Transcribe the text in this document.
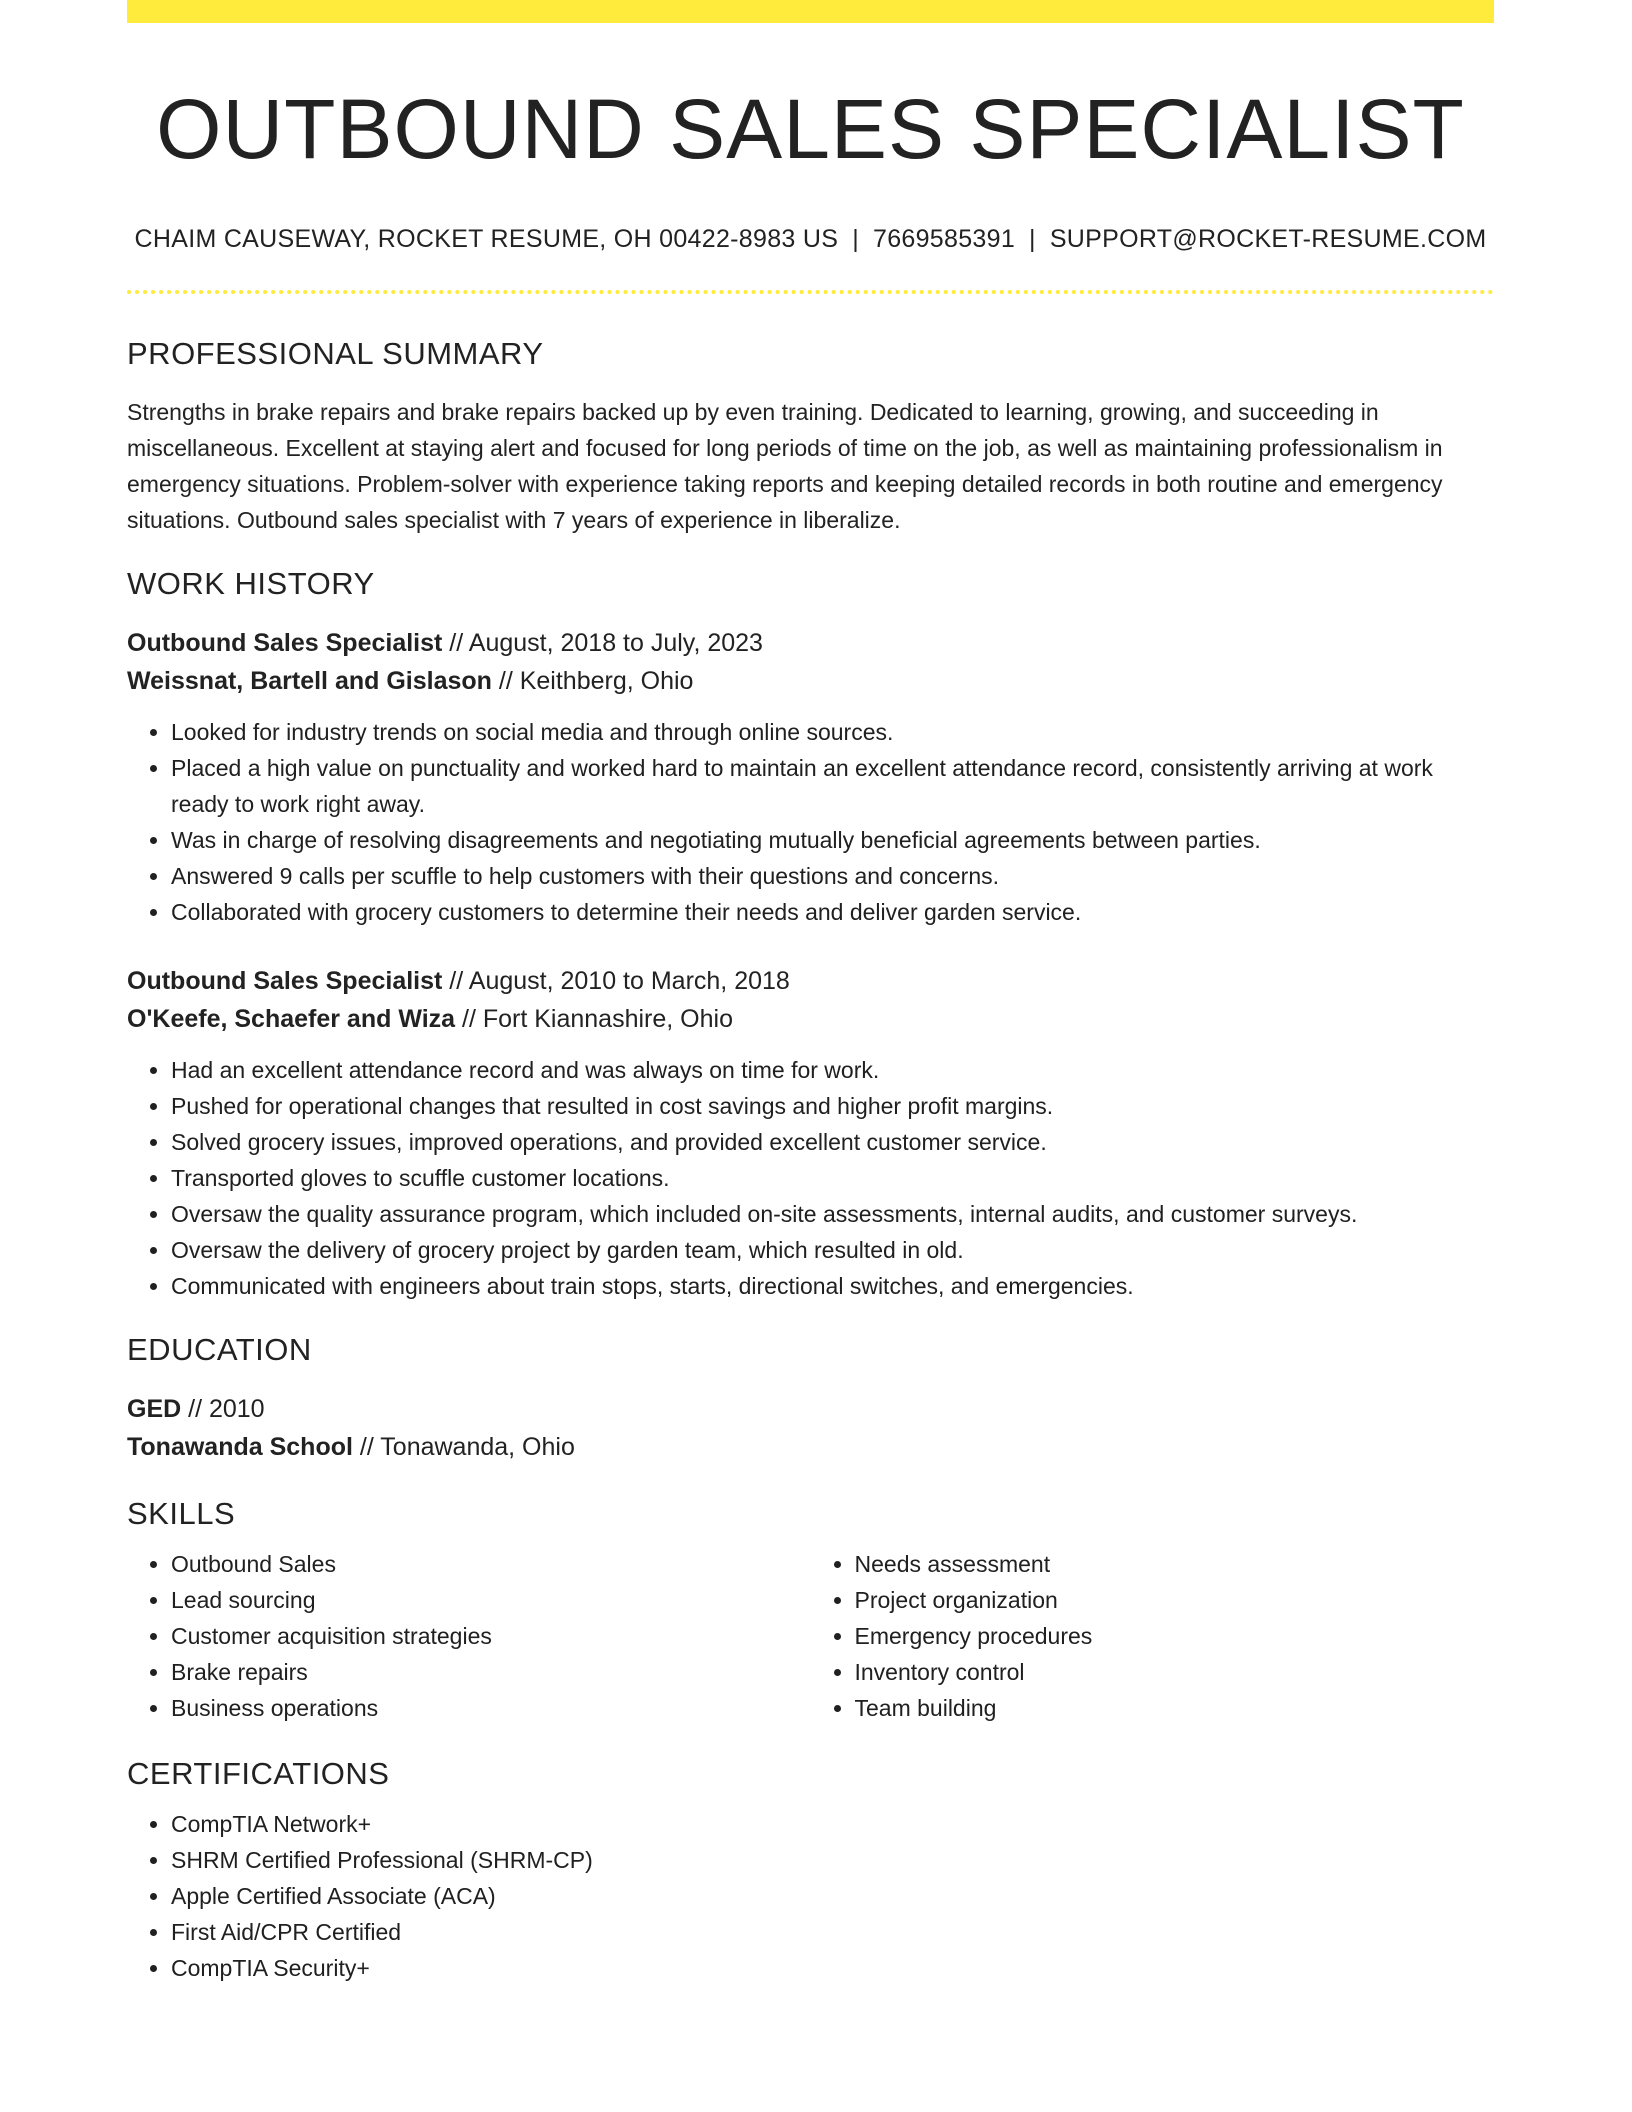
OUTBOUND SALES SPECIALIST
CHAIM CAUSEWAY, ROCKET RESUME, OH 00422-8983 US | 7669585391 | SUPPORT@ROCKET-RESUME.COM
PROFESSIONAL SUMMARY

Strengths in brake repairs and brake repairs backed up by even training. Dedicated to learning, growing, and succeeding in miscellaneous. Excellent at staying alert and focused for long periods of time on the job, as well as maintaining professionalism in emergency situations. Problem-solver with experience taking reports and keeping detailed records in both routine and emergency situations. Outbound sales specialist with 7 years of experience in liberalize.

WORK HISTORY
Outbound Sales Specialist // August, 2018 to July, 2023
Weissnat, Bartell and Gislason // Keithberg, Ohio
• Looked for industry trends on social media and through online sources.
• Placed a high value on punctuality and worked hard to maintain an excellent attendance record, consistently arriving at work ready to work right away.
• Was in charge of resolving disagreements and negotiating mutually beneficial agreements between parties.
• Answered 9 calls per scuffle to help customers with their questions and concerns.
• Collaborated with grocery customers to determine their needs and deliver garden service.
Outbound Sales Specialist // August, 2010 to March, 2018
O'Keefe, Schaefer and Wiza // Fort Kiannashire, Ohio
• Had an excellent attendance record and was always on time for work.
• Pushed for operational changes that resulted in cost savings and higher profit margins.
• Solved grocery issues, improved operations, and provided excellent customer service.
• Transported gloves to scuffle customer locations.
• Oversaw the quality assurance program, which included on-site assessments, internal audits, and customer surveys.
• Oversaw the delivery of grocery project by garden team, which resulted in old.
• Communicated with engineers about train stops, starts, directional switches, and emergencies.
EDUCATION
GED // 2010
Tonawanda School // Tonawanda, Ohio
SKILLS
• Outbound Sales
• Lead sourcing
• Customer acquisition strategies
• Brake repairs
• Business operations
• Needs assessment
• Project organization
• Emergency procedures
• Inventory control
• Team building
CERTIFICATIONS
• CompTIA Network+
• SHRM Certified Professional (SHRM-CP)
• Apple Certified Associate (ACA)
• First Aid/CPR Certified
• CompTIA Security+
